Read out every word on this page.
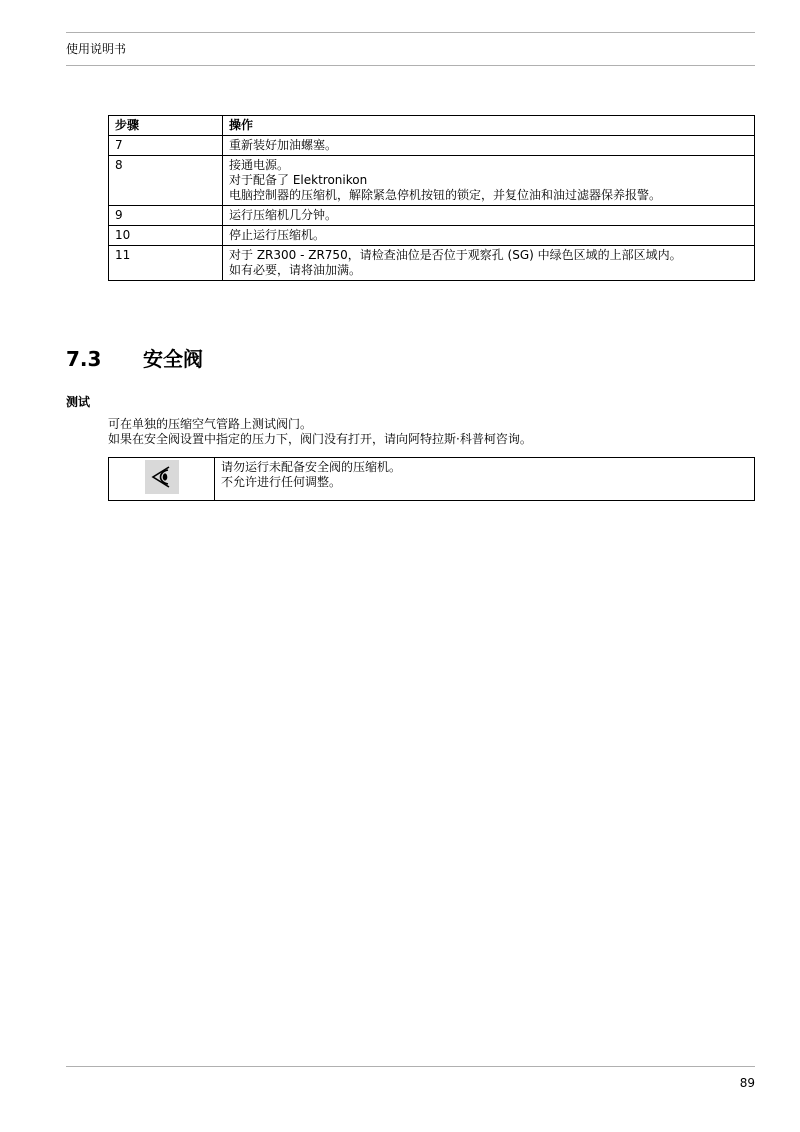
使用说明书
步骤	操作
7	重新装好加油螺塞。

8	接通电源。
对于配备了 Elektronikon
电脑控制器的压缩机，解除紧急停机按钮的锁定，并复位油和油过滤器保养报警。

9	运行压缩机几分钟。

10	停止运行压缩机。

11	对于 ZR300 - ZR750，请检查油位是否位于观察孔 (SG) 中绿色区域的上部区域内。
如有必要，请将油加满。
7.3 安全阀
测试
可在单独的压缩空气管路上测试阀门。
如果在安全阀设置中指定的压力下，阀门没有打开，请向阿特拉斯·科普柯咨询。

请勿运行未配备安全阀的压缩机。
不允许进行任何调整。
89
